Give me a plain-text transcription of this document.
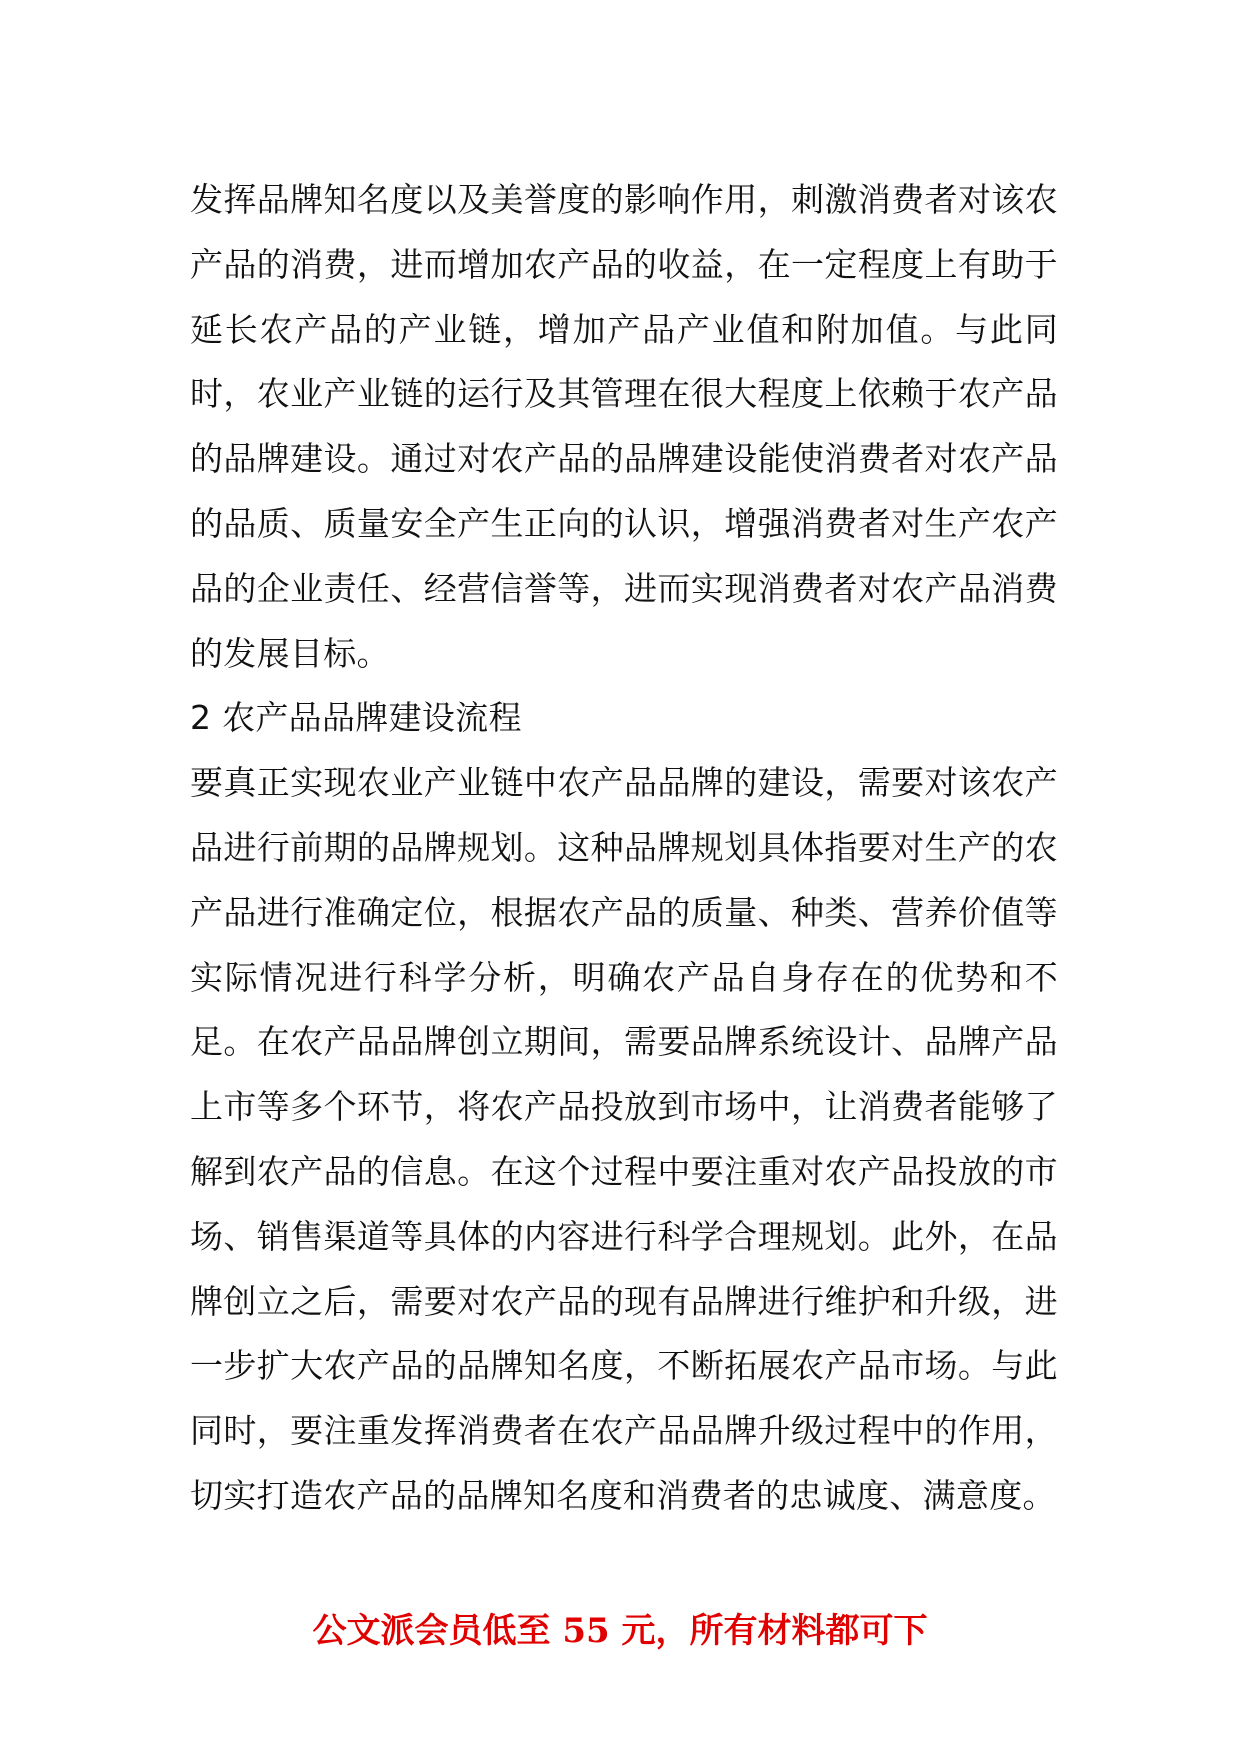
发挥品牌知名度以及美誉度的影响作用，刺激消费者对该农产品的消费，进而增加农产品的收益，在一定程度上有助于延长农产品的产业链，增加产品产业值和附加值。与此同时，农业产业链的运行及其管理在很大程度上依赖于农产品的品牌建设。通过对农产品的品牌建设能使消费者对农产品的品质、质量安全产生正向的认识，增强消费者对生产农产品的企业责任、经营信誉等，进而实现消费者对农产品消费的发展目标。

2 农产品品牌建设流程

要真正实现农业产业链中农产品品牌的建设，需要对该农产品进行前期的品牌规划。这种品牌规划具体指要对生产的农产品进行准确定位，根据农产品的质量、种类、营养价值等实际情况进行科学分析，明确农产品自身存在的优势和不足。在农产品品牌创立期间，需要品牌系统设计、品牌产品上市等多个环节，将农产品投放到市场中，让消费者能够了解到农产品的信息。在这个过程中要注重对农产品投放的市场、销售渠道等具体的内容进行科学合理规划。此外，在品牌创立之后，需要对农产品的现有品牌进行维护和升级，进一步扩大农产品的品牌知名度，不断拓展农产品市场。与此同时，要注重发挥消费者在农产品品牌升级过程中的作用，切实打造农产品的品牌知名度和消费者的忠诚度、满意度。

公文派会员低至 55 元，所有材料都可下
